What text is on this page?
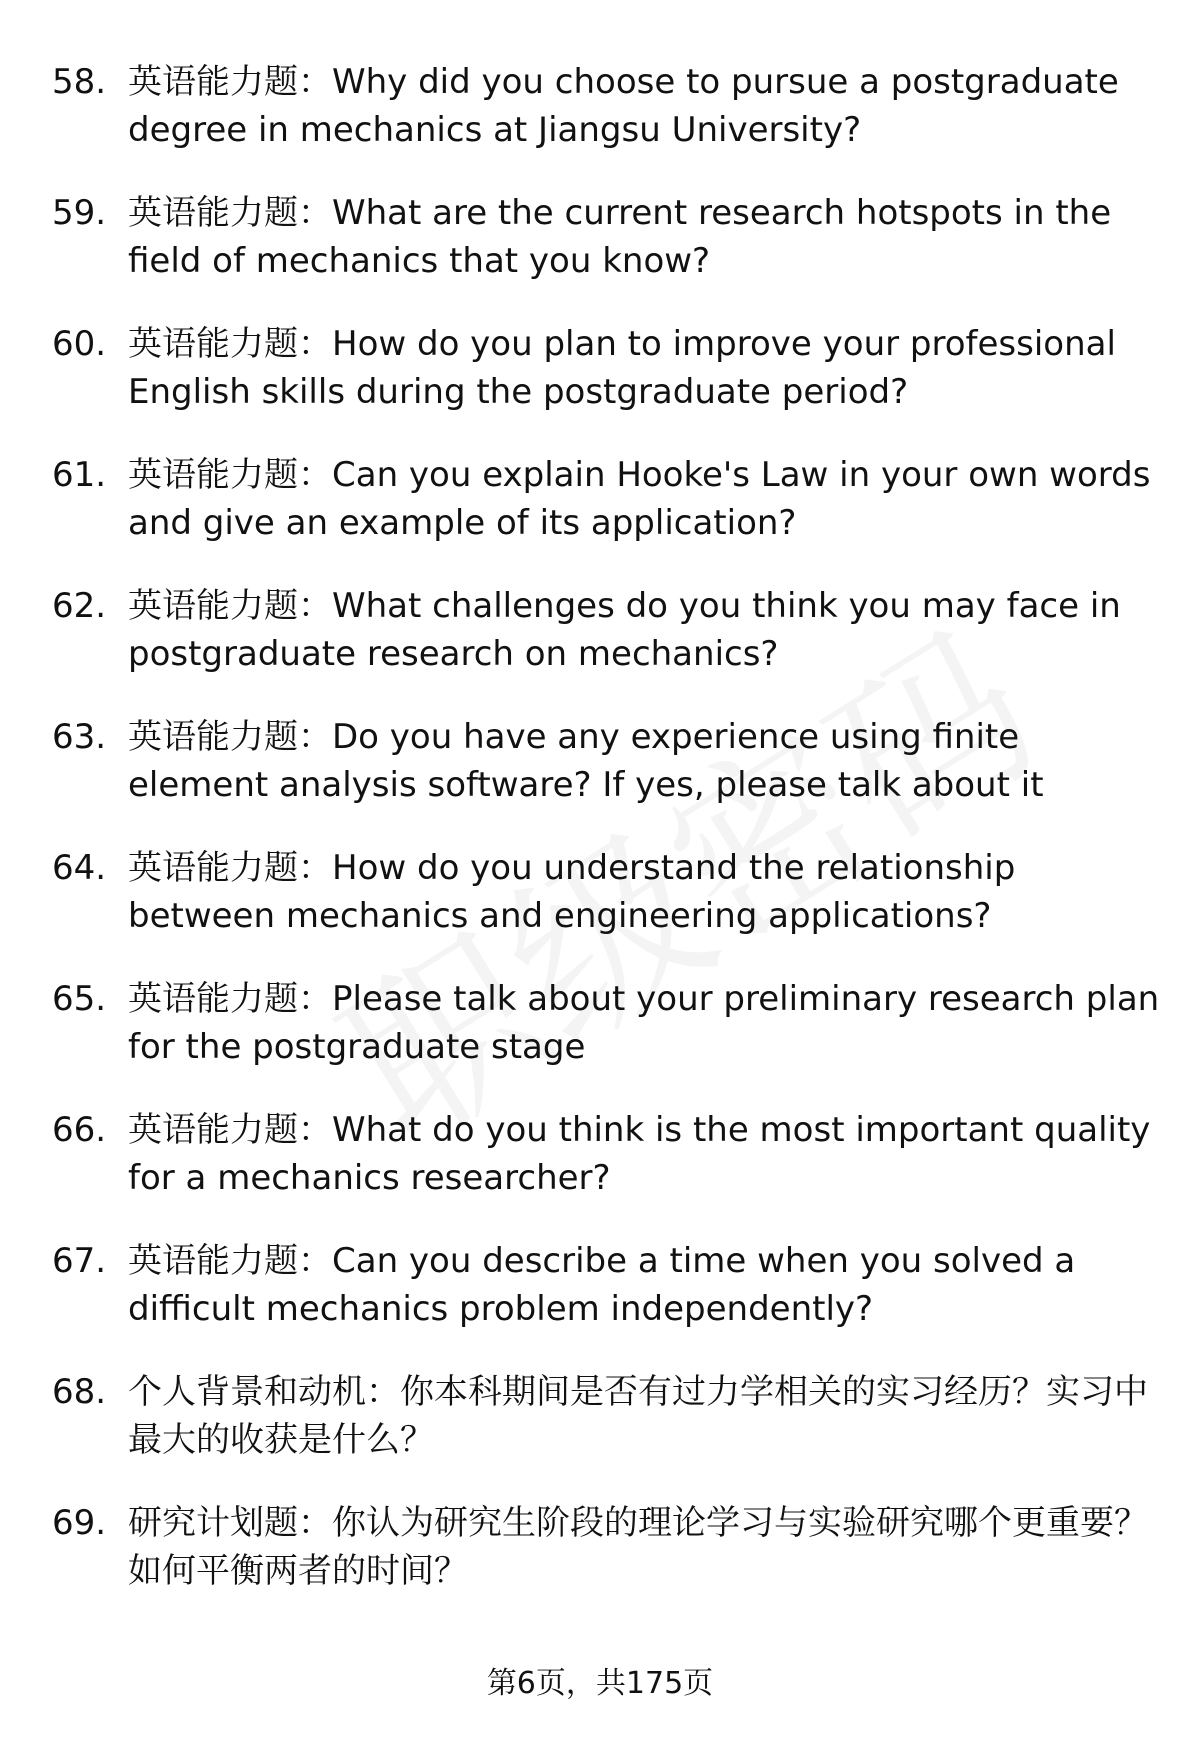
58. 英语能力题：Why did you choose to pursue a postgraduate degree in mechanics at Jiangsu University?
59. 英语能力题：What are the current research hotspots in the field of mechanics that you know?
60. 英语能力题：How do you plan to improve your professional English skills during the postgraduate period?
61. 英语能力题：Can you explain Hooke's Law in your own words and give an example of its application?
62. 英语能力题：What challenges do you think you may face in postgraduate research on mechanics?
63. 英语能力题：Do you have any experience using finite element analysis software? If yes, please talk about it
64. 英语能力题：How do you understand the relationship between mechanics and engineering applications?
65. 英语能力题：Please talk about your preliminary research plan for the postgraduate stage
66. 英语能力题：What do you think is the most important quality for a mechanics researcher?
67. 英语能力题：Can you describe a time when you solved a difficult mechanics problem independently?
68. 个人背景和动机：你本科期间是否有过力学相关的实习经历？实习中最大的收获是什么？
69. 研究计划题：你认为研究生阶段的理论学习与实验研究哪个更重要？如何平衡两者的时间？
第6页，共175页
